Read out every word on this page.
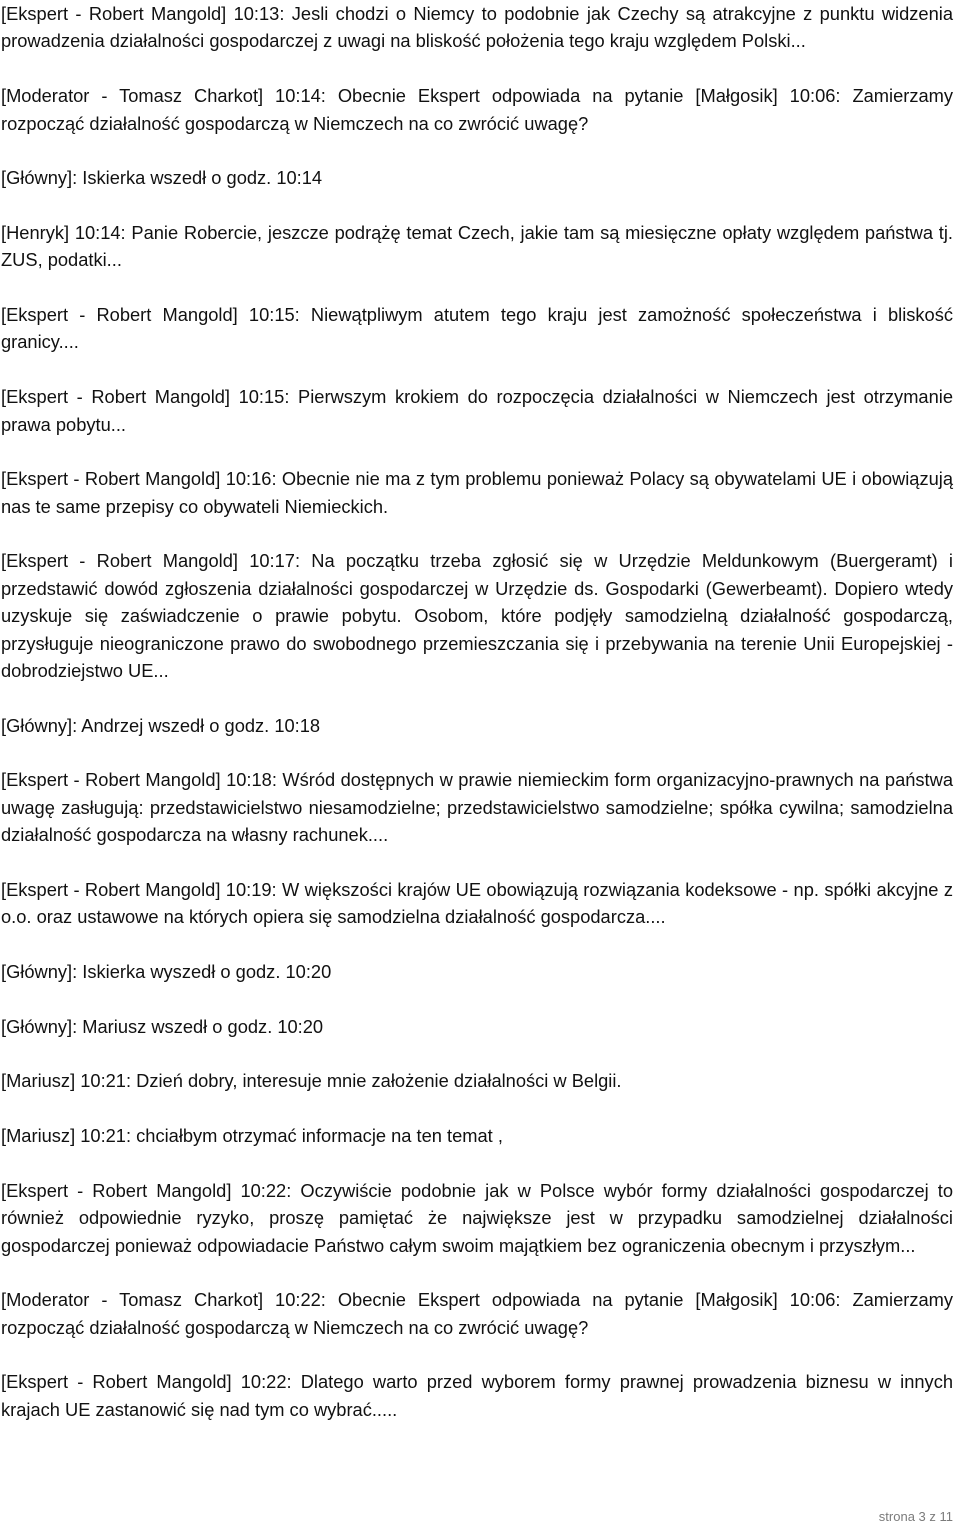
[Ekspert - Robert Mangold] 10:13: Jesli chodzi o Niemcy to podobnie jak Czechy są atrakcyjne z punktu widzenia prowadzenia działalności gospodarczej z uwagi na bliskość położenia tego kraju względem Polski...

[Moderator - Tomasz Charkot] 10:14: Obecnie Ekspert odpowiada na pytanie [Małgosik] 10:06: Zamierzamy rozpocząć działalność gospodarczą w Niemczech na co zwrócić uwagę?

[Główny]: Iskierka wszedł o godz. 10:14

[Henryk] 10:14: Panie Robercie, jeszcze podrążę temat Czech, jakie tam są miesięczne opłaty względem państwa tj. ZUS, podatki...

[Ekspert - Robert Mangold] 10:15: Niewątpliwym atutem tego kraju jest zamożność społeczeństwa i bliskość granicy....

[Ekspert - Robert Mangold] 10:15: Pierwszym krokiem do rozpoczęcia działalności w Niemczech jest otrzymanie prawa pobytu...

[Ekspert - Robert Mangold] 10:16: Obecnie nie ma z tym problemu ponieważ Polacy są obywatelami UE i obowiązują nas te same przepisy co obywateli Niemieckich.

[Ekspert - Robert Mangold] 10:17: Na początku trzeba zgłosić się w Urzędzie Meldunkowym (Buergeramt) i przedstawić dowód zgłoszenia działalności gospodarczej w Urzędzie ds. Gospodarki (Gewerbeamt). Dopiero wtedy uzyskuje się zaświadczenie o prawie pobytu. Osobom, które podjęły samodzielną działalność gospodarczą, przysługuje nieograniczone prawo do swobodnego przemieszczania się i przebywania na terenie Unii Europejskiej - dobrodziejstwo UE...

[Główny]: Andrzej wszedł o godz. 10:18

[Ekspert - Robert Mangold] 10:18: Wśród dostępnych w prawie niemieckim form organizacyjno-prawnych na państwa uwagę zasługują: przedstawicielstwo niesamodzielne; przedstawicielstwo samodzielne; spółka cywilna; samodzielna działalność gospodarcza na własny rachunek....

[Ekspert - Robert Mangold] 10:19: W większości krajów UE obowiązują rozwiązania kodeksowe - np. spółki akcyjne z o.o. oraz ustawowe na których opiera się samodzielna działalność gospodarcza....

[Główny]: Iskierka wyszedł o godz. 10:20

[Główny]: Mariusz wszedł o godz. 10:20

[Mariusz] 10:21: Dzień dobry, interesuje mnie założenie działalności w Belgii.

[Mariusz] 10:21: chciałbym otrzymać informacje na ten temat ,

[Ekspert - Robert Mangold] 10:22: Oczywiście podobnie jak w Polsce wybór formy działalności gospodarczej to również odpowiednie ryzyko, proszę pamiętać że największe jest w przypadku samodzielnej działalności gospodarczej ponieważ odpowiadacie Państwo całym swoim majątkiem bez ograniczenia obecnym i przyszłym...

[Moderator - Tomasz Charkot] 10:22: Obecnie Ekspert odpowiada na pytanie [Małgosik] 10:06: Zamierzamy rozpocząć działalność gospodarczą w Niemczech na co zwrócić uwagę?

[Ekspert - Robert Mangold] 10:22: Dlatego warto przed wyborem formy prawnej prowadzenia biznesu w innych krajach UE zastanowić się nad tym co wybrać.....

strona 3 z 11
